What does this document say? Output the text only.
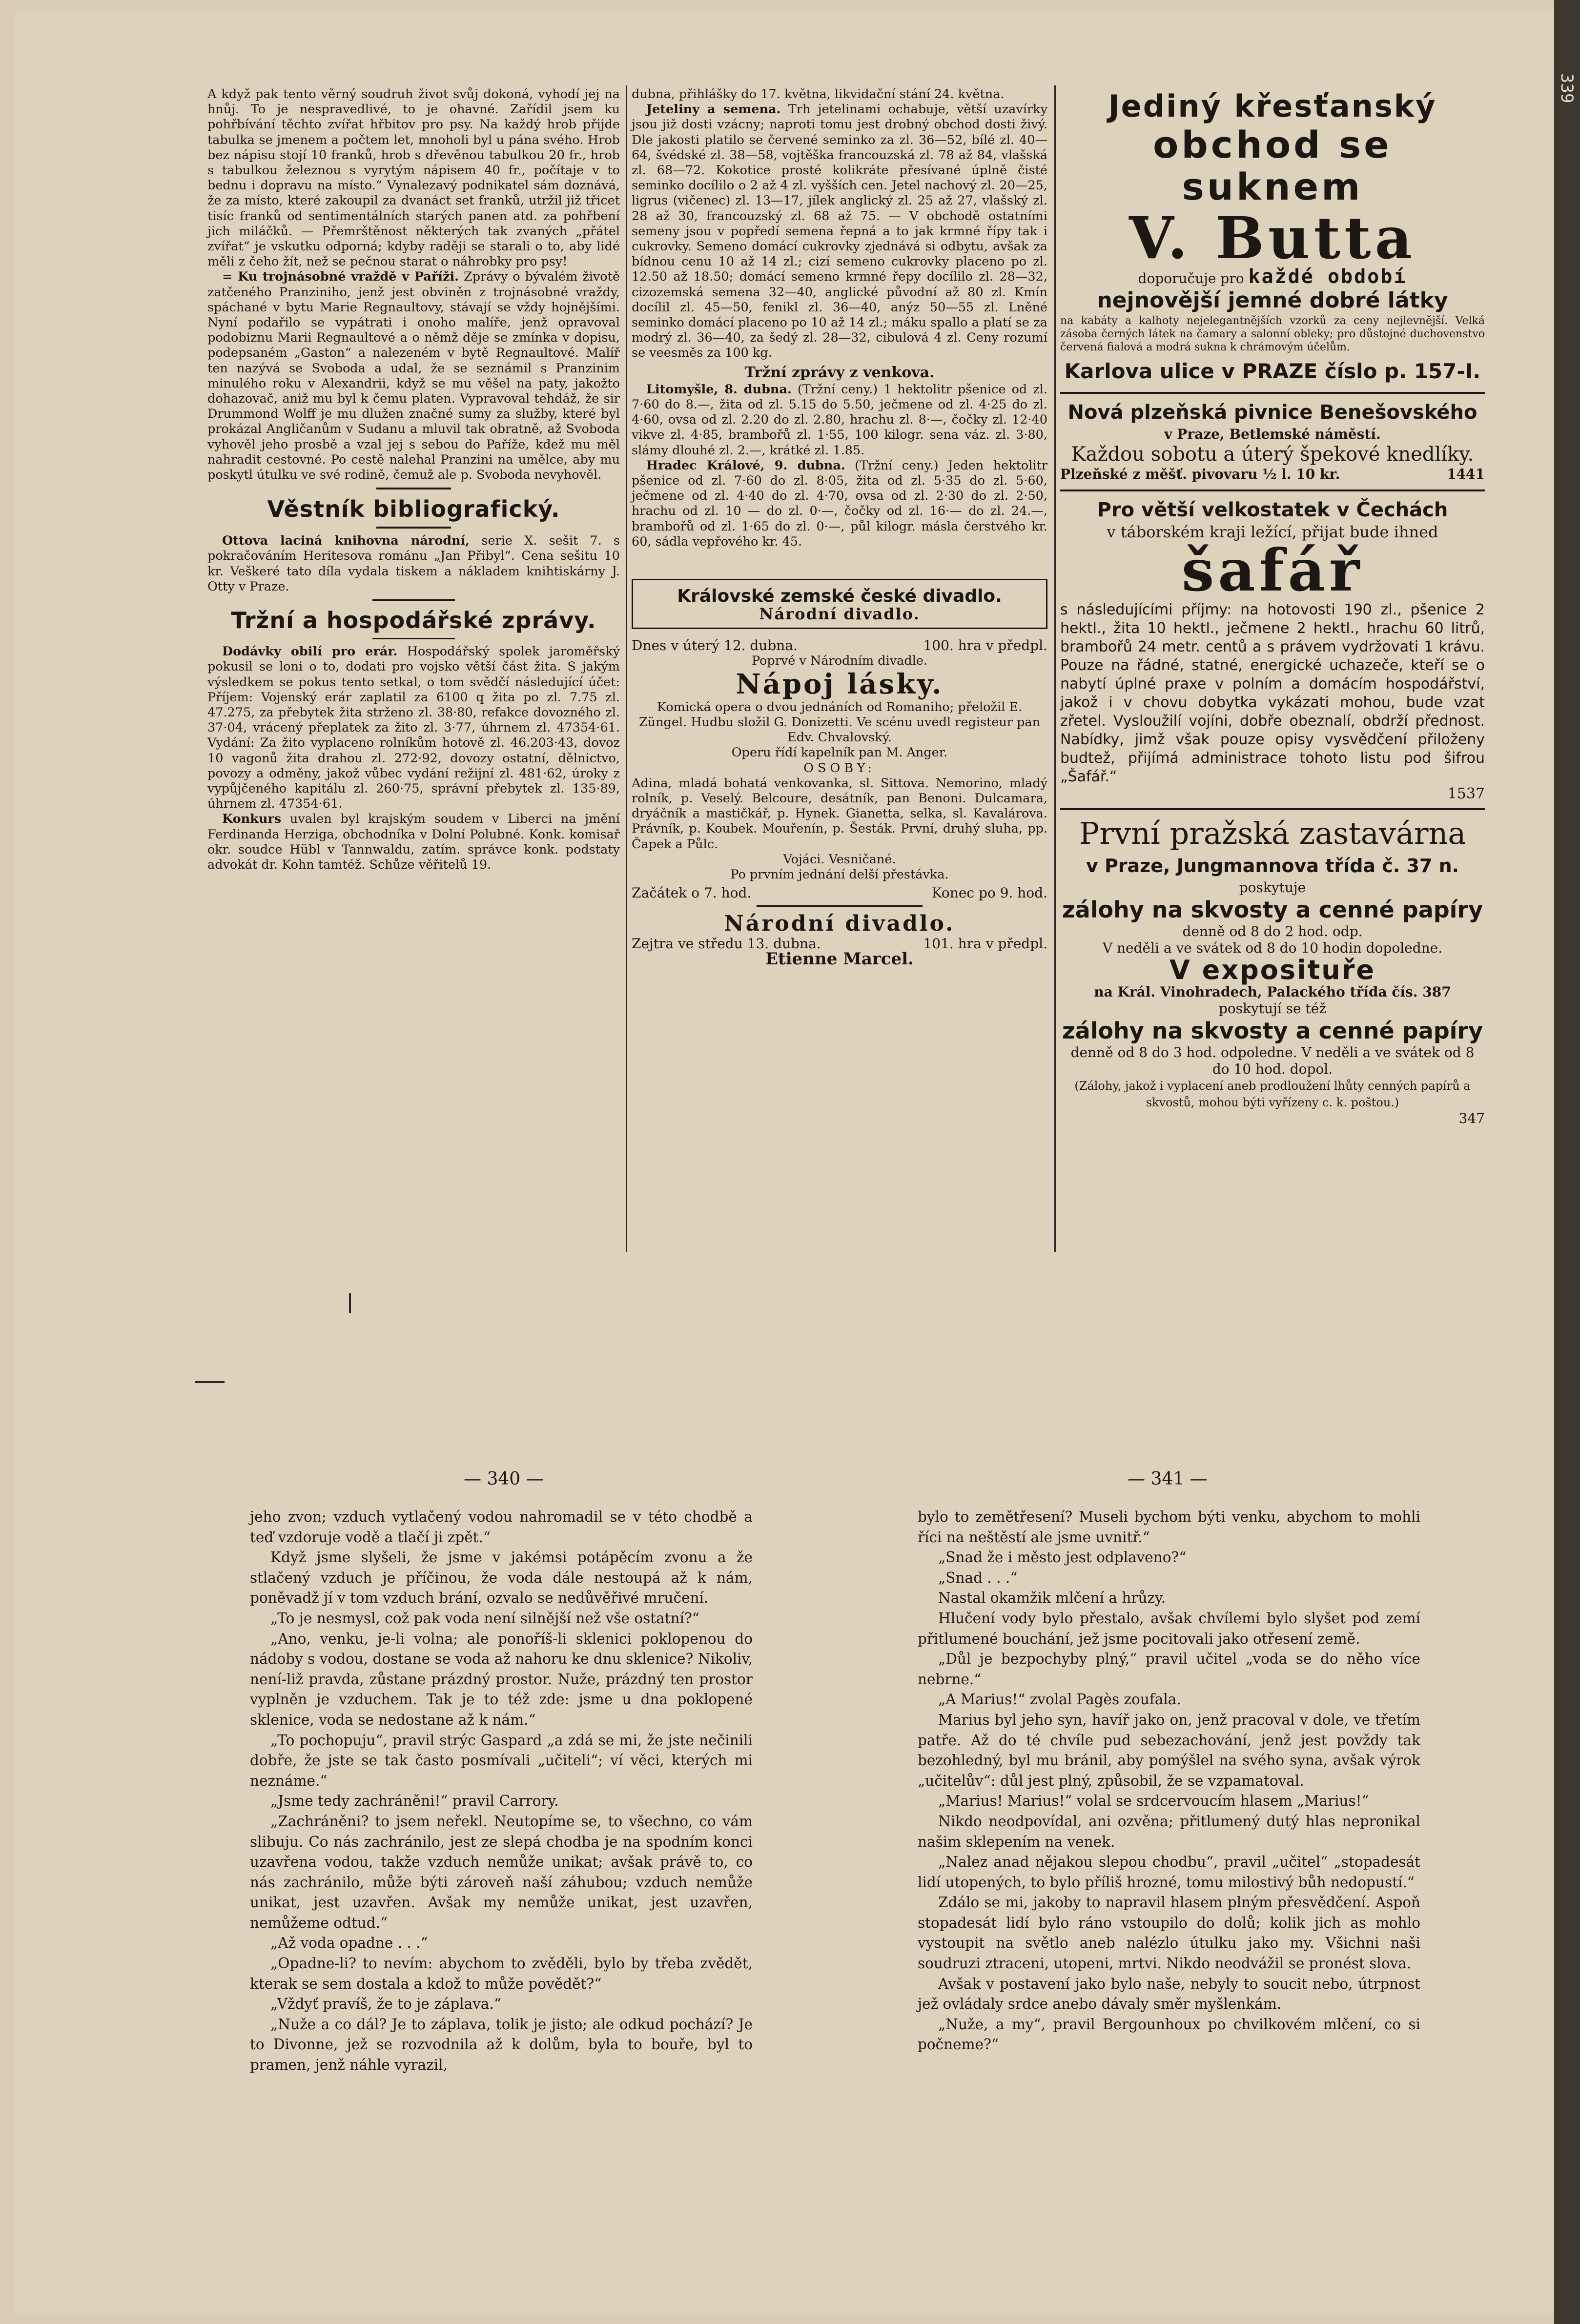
339

A když pak tento věrný soudruh život svůj dokoná, vyhodí jej na hnůj. To je nespravedlivé, to je ohavné. Zařídil jsem ku pohřbívání těchto zvířat hřbitov pro psy. Na každý hrob přijde tabulka se jmenem a počtem let, mnoholi byl u pána svého. Hrob bez nápisu stojí 10 franků, hrob s dřevěnou tabulkou 20 fr., hrob s tabulkou železnou s vyrytým nápisem 40 fr., počítaje v to bednu i dopravu na místo.“ Vynalezavý podnikatel sám doznává, že za místo, které zakoupil za dvanáct set franků, utržil již třicet tisíc franků od sentimentálních starých panen atd. za pohřbení jich miláčků. — Přemrštěnost některých tak zvaných „přátel zvířat“ je vskutku odporná; kdyby raději se starali o to, aby lidé měli z čeho žít, než se pečnou starat o náhrobky pro psy!

= Ku trojnásobné vraždě v Paříži. Zprávy o bývalém životě zatčeného Pranziniho, jenž jest obviněn z trojnásobné vraždy, spáchané v bytu Marie Regnaultovy, stávají se vždy hojnějšími. Nyní podařilo se vypátrati i onoho malíře, jenž opravoval podobiznu Marii Regnaultové a o němž děje se zmínka v dopisu, podepsaném „Gaston“ a nalezeném v bytě Regnaultové. Malíř ten nazývá se Svoboda a udal, že se seznámil s Pranzinim minulého roku v Alexandrii, když se mu věšel na paty, jakožto dohazovač, aniž mu byl k čemu platen. Vypravoval tehdáž, že sir Drummond Wolff je mu dlužen značné sumy za služby, které byl prokázal Angličanům v Sudanu a mluvil tak obratně, až Svoboda vyhověl jeho prosbě a vzal jej s sebou do Paříže, kdež mu měl nahradit cestovné. Po cestě nalehal Pranzini na umělce, aby mu poskytl útulku ve své rodině, čemuž ale p. Svoboda nevyhověl.

Věstník bibliografický.

Ottova laciná knihovna národní, serie X. sešit 7. s pokračováním Heritesova románu „Jan Přibyl“. Cena sešitu 10 kr. Veškeré tato díla vydala tiskem a nákladem knihtiskárny J. Otty v Praze.

Tržní a hospodářské zprávy.

Dodávky obilí pro erár. Hospodářský spolek jaroměřský pokusil se loni o to, dodati pro vojsko větší část žita. S jakým výsledkem se pokus tento setkal, o tom svědčí následující účet: Příjem: Vojenský erár zaplatil za 6100 q žita po zl. 7.75 zl. 47.275, za přebytek žita strženo zl. 38·80, refakce dovozného zl. 37·04, vrácený přeplatek za žito zl. 3·77, úhrnem zl. 47354·61. Vydání: Za žito vyplaceno rolníkům hotově zl. 46.203·43, dovoz 10 vagonů žita drahou zl. 272·92, dovozy ostatní, dělnictvo, povozy a odměny, jakož vůbec vydání režijní zl. 481·62, úroky z vypůjčeného kapitálu zl. 260·75, správní přebytek zl. 135·89, úhrnem zl. 47354·61.

Konkurs uvalen byl krajským soudem v Liberci na jmění Ferdinanda Herziga, obchodníka v Dolní Polubné. Konk. komisař okr. soudce Hübl v Tannwaldu, zatím. správce konk. podstaty advokát dr. Kohn tamtéž. Schůze věřitelů 19.

dubna, přihlášky do 17. května, likvidační stání 24. května.

Jeteliny a semena. Trh jetelinami ochabuje, větší uzavírky jsou již dosti vzácny; naproti tomu jest drobný obchod dosti živý. Dle jakosti platilo se červené seminko za zl. 36—52, bílé zl. 40—64, švédské zl. 38—58, vojtěška francouzská zl. 78 až 84, vlašská zl. 68—72. Kokotice prosté kolikráte přesívané úplně čisté seminko docílilo o 2 až 4 zl. vyšších cen. Jetel nachový zl. 20—25, ligrus (vičenec) zl. 13—17, jílek anglický zl. 25 až 27, vlašský zl. 28 až 30, francouzský zl. 68 až 75. — V obchodě ostatními semeny jsou v popředí semena řepná a to jak krmné řípy tak i cukrovky. Semeno domácí cukrovky zjednává si odbytu, avšak za bídnou cenu 10 až 14 zl.; cizí semeno cukrovky placeno po zl. 12.50 až 18.50; domácí semeno krmné řepy docílilo zl. 28—32, cizozemská semena 32—40, anglické původní až 80 zl. Kmín docílil zl. 45—50, fenikl zl. 36—40, anýz 50—55 zl. Lněné seminko domácí placeno po 10 až 14 zl.; máku spallo a platí se za modrý zl. 36—40, za šedý zl. 28—32, cibulová 4 zl. Ceny rozumí se veesměs za 100 kg.

Tržní zprávy z venkova.

Litomyšle, 8. dubna. (Tržní ceny.) 1 hektolitr pšenice od zl. 7·60 do 8.—, žita od zl. 5.15 do 5.50, ječmene od zl. 4·25 do zl. 4·60, ovsa od zl. 2.20 do zl. 2.80, hrachu zl. 8·—, čočky zl. 12·40 vikve zl. 4·85, brambořů zl. 1·55, 100 kilogr. sena váz. zl. 3·80, slámy dlouhé zl. 2.—, krátké zl. 1.85.

Hradec Králové, 9. dubna. (Tržní ceny.) Jeden hektolitr pšenice od zl. 7·60 do zl. 8·05, žita od zl. 5·35 do zl. 5·60, ječmene od zl. 4·40 do zl. 4·70, ovsa od zl. 2·30 do zl. 2·50, hrachu od zl. 10 — do zl. 0·—, čočky od zl. 16·— do zl. 24.—, brambořů od zl. 1·65 do zl. 0·—, půl kilogr. másla čerstvého kr. 60, sádla vepřového kr. 45.

Královské zemské české divadlo.
Národní divadlo.
Dnes v úterý 12. dubna.	100. hra v předpl.
Poprvé v Národním divadle.
Nápoj lásky.

Komická opera o dvou jednáních od Romaniho; přeložil E. Züngel. Hudbu složil G. Donizetti. Ve scénu uvedl registeur pan Edv. Chvalovský.

Operu řídí kapelník pan M. Anger.
OSOBY:

Adina, mladá bohatá venkovanka, sl. Sittova. Nemorino, mladý rolník, p. Veselý. Belcoure, desátník, pan Benoni. Dulcamara, dryáčník a mastičkář, p. Hynek. Gianetta, selka, sl. Kavalárova. Právník, p. Koubek. Mouřenín, p. Šesták. První, druhý sluha, pp. Čapek a Půlc.

Vojáci. Vesničané.
Po prvním jednání delší přestávka.
Začátek o 7. hod.	Konec po 9. hod.
Národní divadlo.
Zejtra ve středu 13. dubna.	101. hra v předpl.
Etienne Marcel.
Jediný křesťanský
obchod se suknem
V. Butta
doporučuje pro každé období
nejnovější jemné dobré látky
na kabáty a kalhoty nejelegantnějších vzorků za ceny nejlevnější. Velká zásoba černých látek na čamary a salonní obleky; pro důstojné duchovenstvo červená fialová a modrá sukna k chrámovým účelům.
Karlova ulice v PRAZE číslo p. 157-I.
Nová plzeňská pivnice Benešovského
v Praze, Betlemské náměstí.
Každou sobotu a úterý špekové knedlíky.
Plzeňské z měšť. pivovaru ½ l. 10 kr.	1441
Pro větší velkostatek v Čechách
v táborském kraji ležící, přijat bude ihned
šafář
s následujícími příjmy: na hotovosti 190 zl., pšenice 2 hektl., žita 10 hektl., ječmene 2 hektl., hrachu 60 litrů, brambořů 24 metr. centů a s právem vydržovati 1 krávu. Pouze na řádné, statné, energické uchazeče, kteří se o nabytí úplné praxe v polním a domácím hospodářství, jakož i v chovu dobytka vykázati mohou, bude vzat zřetel. Vysloužilí vojíni, dobře obeznalí, obdrží přednost. Nabídky, jimž však pouze opisy vysvědčení přiloženy budtež, přijímá administrace tohoto listu pod šifrou „Šafář.“
1537
První pražská zastavárna
v Praze, Jungmannova třída č. 37 n.
poskytuje
zálohy na skvosty a cenné papíry
denně od 8 do 2 hod. odp.
V neděli a ve svátek od 8 do 10 hodin dopoledne.
V exposituře
na Král. Vinohradech, Palackého třída čís. 387
poskytují se též
zálohy na skvosty a cenné papíry
denně od 8 do 3 hod. odpoledne. V neděli a ve svátek od 8 do 10 hod. dopol.
(Zálohy, jakož i vyplacení aneb prodloužení lhůty cenných papírů a skvostů, mohou býti vyřízeny c. k. poštou.)
347
— 340 —	— 341 —

jeho zvon; vzduch vytlačený vodou nahromadil se v této chodbě a teď vzdoruje vodě a tlačí ji zpět.“

Když jsme slyšeli, že jsme v jakémsi potápěcím zvonu a že stlačený vzduch je příčinou, že voda dále nestoupá až k nám, poněvadž jí v tom vzduch brání, ozvalo se nedůvěřivé mručení.

„To je nesmysl, což pak voda není silnější než vše ostatní?“

„Ano, venku, je-li volna; ale ponoříš-li sklenici poklopenou do nádoby s vodou, dostane se voda až nahoru ke dnu sklenice? Nikoliv, není-liž pravda, zůstane prázdný prostor. Nuže, prázdný ten prostor vyplněn je vzduchem. Tak je to též zde: jsme u dna poklopené sklenice, voda se nedostane až k nám.“

„To pochopuju“, pravil strýc Gaspard „a zdá se mi, že jste nečinili dobře, že jste se tak často posmívali „učiteli“; ví věci, kterých mi neznáme.“

„Jsme tedy zachráněni!“ pravil Carrory.

„Zachráněni? to jsem neřekl. Neutopíme se, to všechno, co vám slibuju. Co nás zachránilo, jest ze slepá chodba je na spodním konci uzavřena vodou, takže vzduch nemůže unikat; avšak právě to, co nás zachránilo, může býti zároveň naší záhubou; vzduch nemůže unikat, jest uzavřen. Avšak my nemůže unikat, jest uzavřen, nemůžeme odtud.“

„Až voda opadne . . .“

„Opadne-li? to nevím: abychom to zvěděli, bylo by třeba zvědět, kterak se sem dostala a kdož to může povědět?“

„Vždyť pravíš, že to je záplava.“

„Nuže a co dál? Je to záplava, tolik je jisto; ale odkud pochází? Je to Divonne, jež se rozvodnila až k dolům, byla to bouře, byl to pramen, jenž náhle vyrazil,

bylo to zemětřesení? Museli bychom býti venku, abychom to mohli říci na neštěstí ale jsme uvnitř.“

„Snad že i město jest odplaveno?“

„Snad . . .“

Nastal okamžik mlčení a hrůzy.

Hlučení vody bylo přestalo, avšak chvílemi bylo slyšet pod zemí přitlumené bouchání, jež jsme pocitovali jako otřesení země.

„Důl je bezpochyby plný,“ pravil učitel „voda se do něho více nebrne.“

„A Marius!“ zvolal Pagès zoufala.

Marius byl jeho syn, havíř jako on, jenž pracoval v dole, ve třetím patře. Až do té chvíle pud sebezachování, jenž jest povždy tak bezohledný, byl mu bránil, aby pomýšlel na svého syna, avšak výrok „učitelův“: důl jest plný, způsobil, že se vzpamatoval.

„Marius! Marius!“ volal se srdcervoucím hlasem „Marius!“

Nikdo neodpovídal, ani ozvěna; přitlumený dutý hlas nepronikal našim sklepením na venek.

„Nalez anad nějakou slepou chodbu“, pravil „učitel“ „stopadesát lidí utopených, to bylo příliš hrozné, tomu milostivý bůh nedopustí.“

Zdálo se mi, jakoby to napravil hlasem plným přesvědčení. Aspoň stopadesát lidí bylo ráno vstoupilo do dolů; kolik jich as mohlo vystoupit na světlo aneb nalézlo útulku jako my. Všichni naši soudruzi ztraceni, utopeni, mrtvi. Nikdo neodvážil se pronést slova.

Avšak v postavení jako bylo naše, nebyly to soucit nebo, útrpnost jež ovládaly srdce anebo dávaly směr myšlenkám.

„Nuže, a my“, pravil Bergounhoux po chvilkovém mlčení, co si počneme?“
